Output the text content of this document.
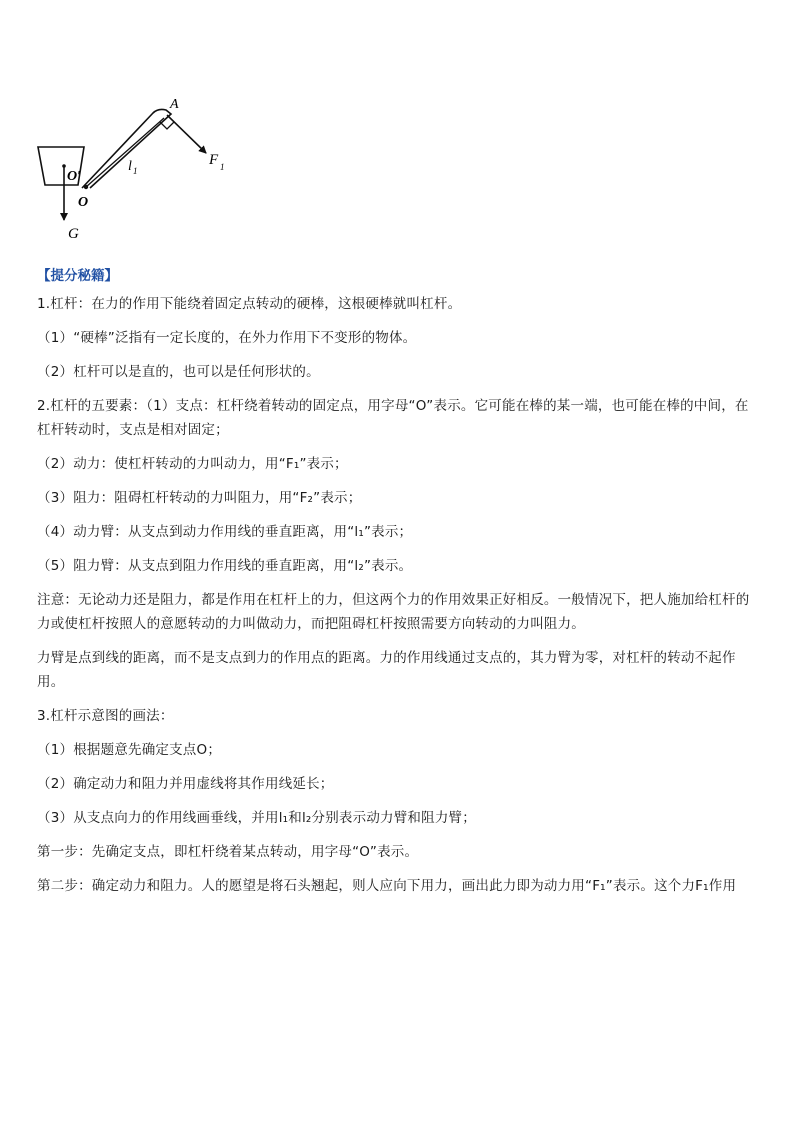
A
F 1
l 1
O′
O
G
【提分秘籍】

1.杠杆：在力的作用下能绕着固定点转动的硬棒，这根硬棒就叫杠杆。

（1）“硬棒”泛指有一定长度的，在外力作用下不变形的物体。

（2）杠杆可以是直的，也可以是任何形状的。

2.杠杆的五要素：（1）支点：杠杆绕着转动的固定点，用字母“O”表示。它可能在棒的某一端，也可能在棒的中间，在杠杆转动时，支点是相对固定；

（2）动力：使杠杆转动的力叫动力，用“F₁”表示；

（3）阻力：阻碍杠杆转动的力叫阻力，用“F₂”表示；

（4）动力臂：从支点到动力作用线的垂直距离，用“l₁”表示；

（5）阻力臂：从支点到阻力作用线的垂直距离，用“l₂”表示。

注意：无论动力还是阻力，都是作用在杠杆上的力，但这两个力的作用效果正好相反。一般情况下，把人施加给杠杆的力或使杠杆按照人的意愿转动的力叫做动力，而把阻碍杠杆按照需要方向转动的力叫阻力。

力臂是点到线的距离，而不是支点到力的作用点的距离。力的作用线通过支点的，其力臂为零，对杠杆的转动不起作用。

3.杠杆示意图的画法：

（1）根据题意先确定支点O；

（2）确定动力和阻力并用虚线将其作用线延长；

（3）从支点向力的作用线画垂线，并用l₁和l₂分别表示动力臂和阻力臂；

第一步：先确定支点，即杠杆绕着某点转动，用字母“O”表示。

第二步：确定动力和阻力。人的愿望是将石头翘起，则人应向下用力，画出此力即为动力用“F₁”表示。这个力F₁作用
